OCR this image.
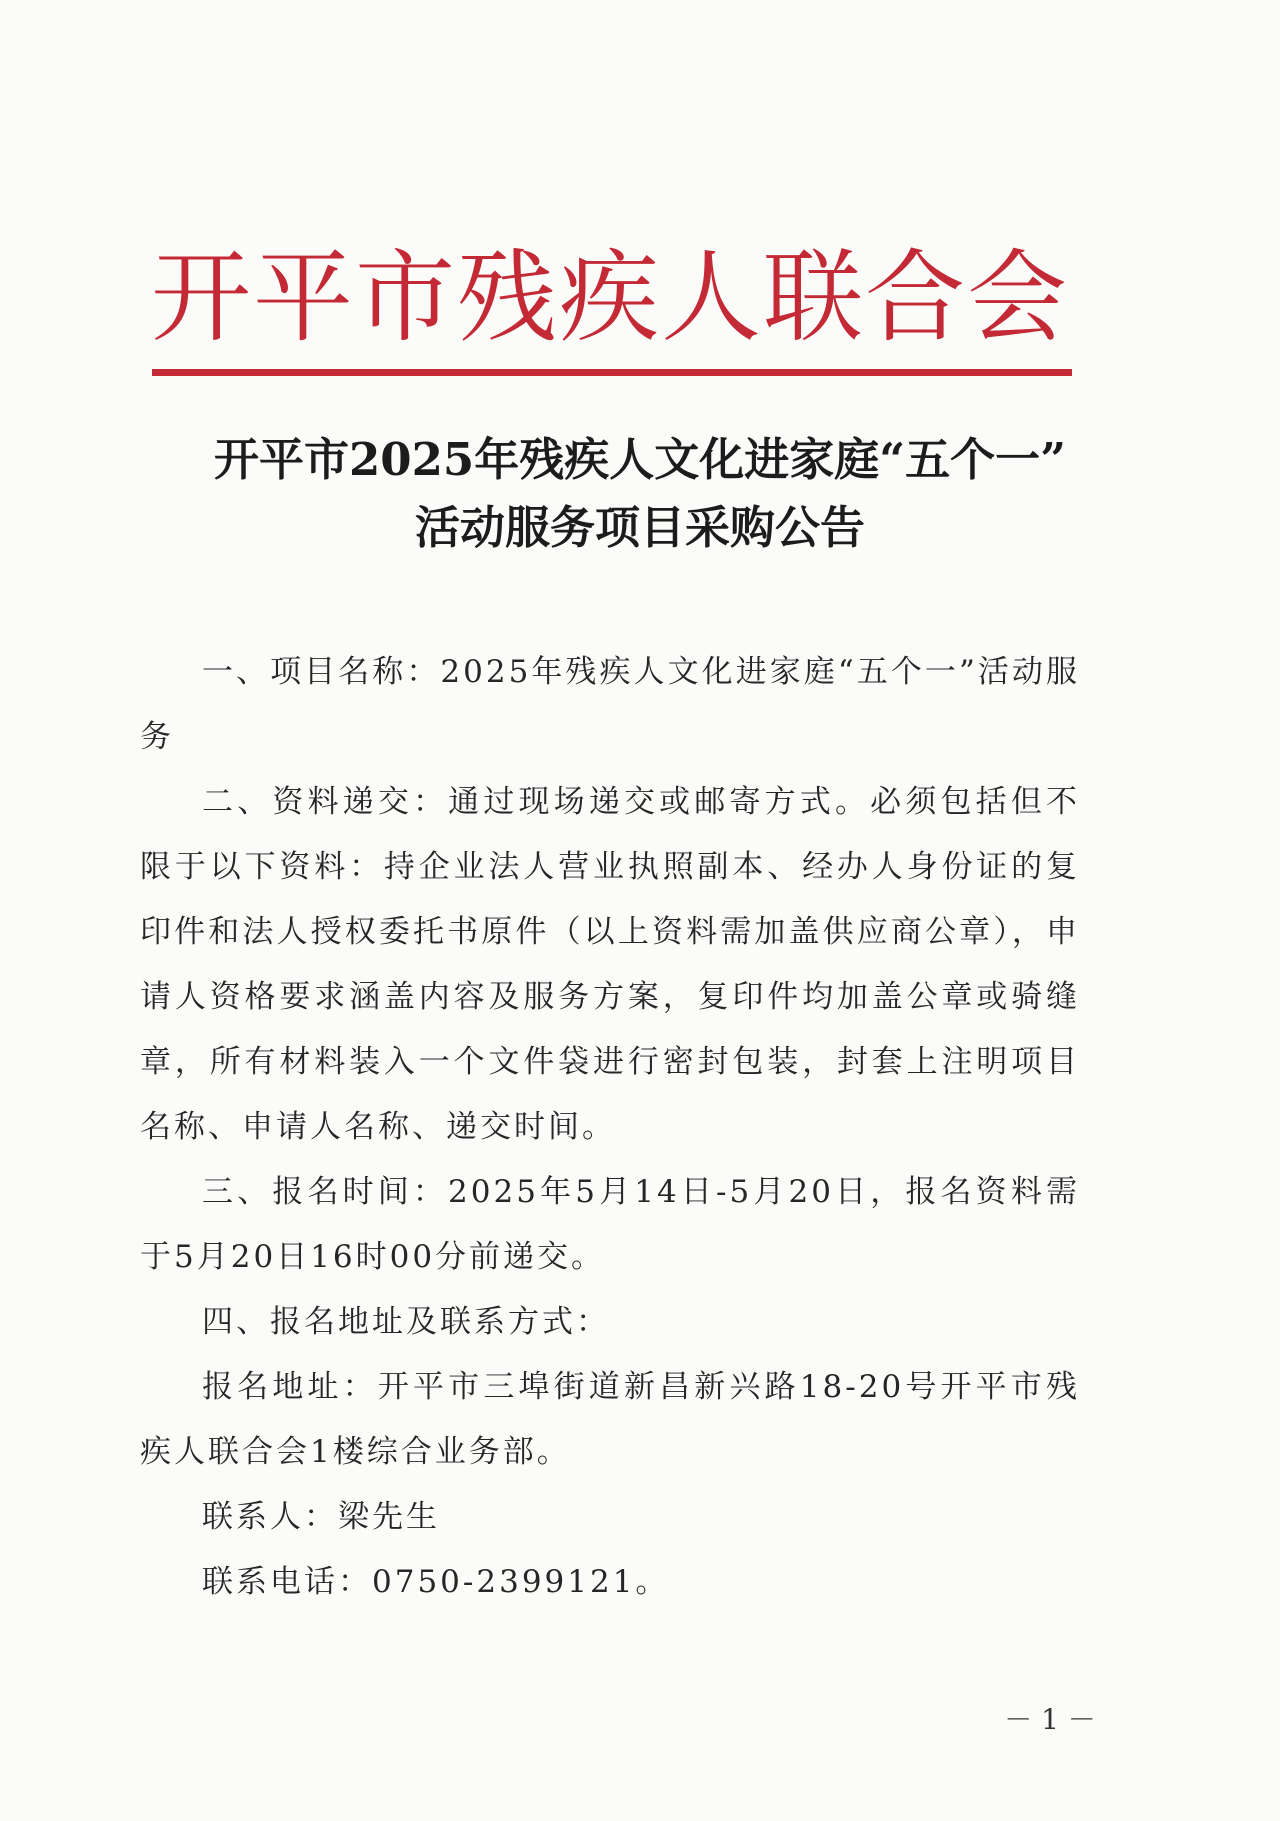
开平市残疾人联合会
开平市2025年残疾人文化进家庭“五个一”
活动服务项目采购公告

一、项目名称：2025年残疾人文化进家庭“五个一”活动服务

二、资料递交：通过现场递交或邮寄方式。必须包括但不限于以下资料：持企业法人营业执照副本、经办人身份证的复印件和法人授权委托书原件（以上资料需加盖供应商公章），申请人资格要求涵盖内容及服务方案，复印件均加盖公章或骑缝章，所有材料装入一个文件袋进行密封包装，封套上注明项目名称、申请人名称、递交时间。

三、报名时间：2025年5月14日-5月20日，报名资料需于5月20日16时00分前递交。

四、报名地址及联系方式：

报名地址：开平市三埠街道新昌新兴路18-20号开平市残疾人联合会1楼综合业务部。

联系人：梁先生

联系电话：0750-2399121。

－ 1 －
